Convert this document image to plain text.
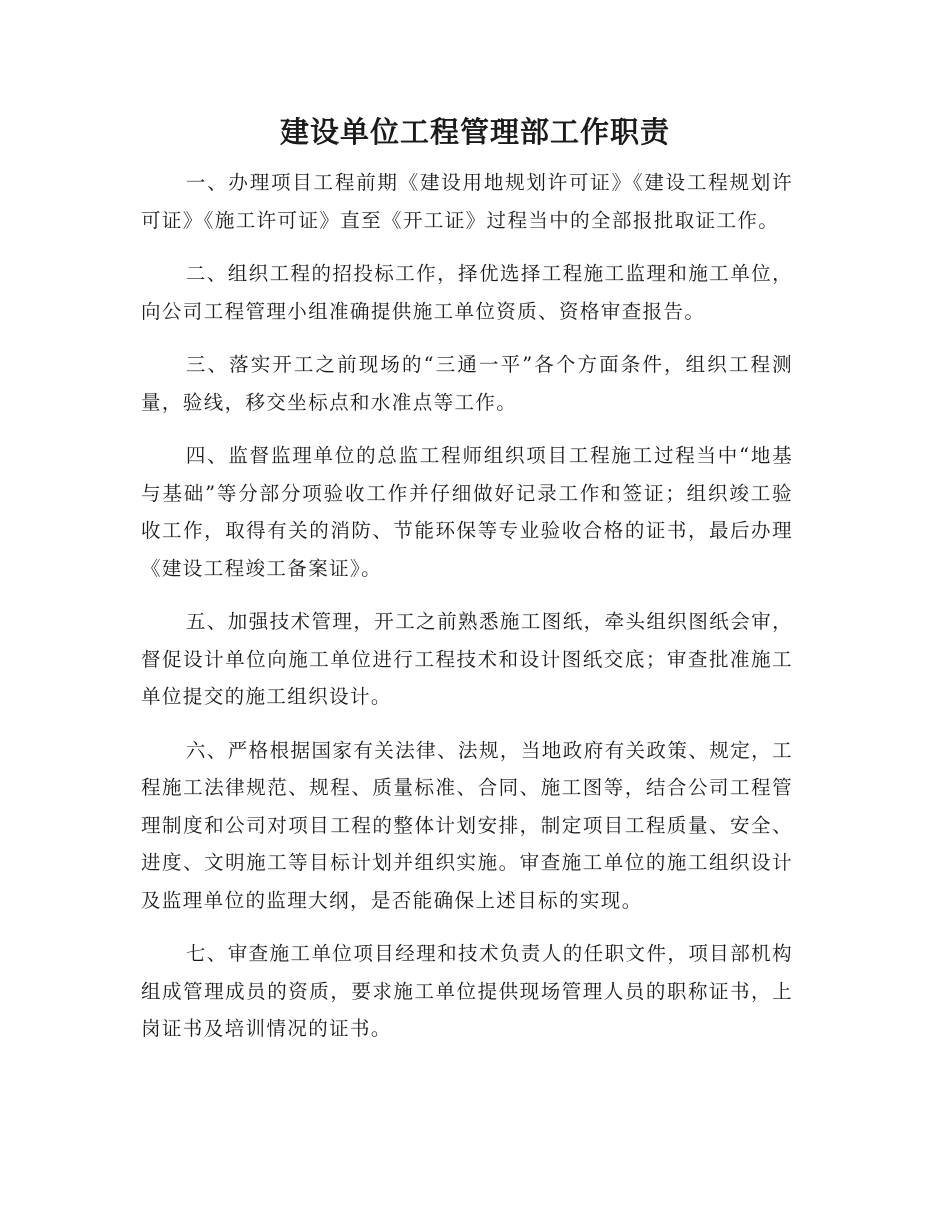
建设单位工程管理部工作职责

一、办理项目工程前期《建设用地规划许可证》《建设工程规划许可证》《施工许可证》直至《开工证》过程当中的全部报批取证工作。

二、组织工程的招投标工作，择优选择工程施工监理和施工单位，向公司工程管理小组准确提供施工单位资质、资格审查报告。

三、落实开工之前现场的“三通一平”各个方面条件，组织工程测量，验线，移交坐标点和水准点等工作。

四、监督监理单位的总监工程师组织项目工程施工过程当中“地基与基础”等分部分项验收工作并仔细做好记录工作和签证；组织竣工验收工作，取得有关的消防、节能环保等专业验收合格的证书，最后办理《建设工程竣工备案证》。

五、加强技术管理，开工之前熟悉施工图纸，牵头组织图纸会审，督促设计单位向施工单位进行工程技术和设计图纸交底；审查批准施工单位提交的施工组织设计。

六、严格根据国家有关法律、法规，当地政府有关政策、规定，工程施工法律规范、规程、质量标准、合同、施工图等，结合公司工程管理制度和公司对项目工程的整体计划安排，制定项目工程质量、安全、进度、文明施工等目标计划并组织实施。审查施工单位的施工组织设计及监理单位的监理大纲，是否能确保上述目标的实现。

七、审查施工单位项目经理和技术负责人的任职文件，项目部机构组成管理成员的资质，要求施工单位提供现场管理人员的职称证书，上岗证书及培训情况的证书。
